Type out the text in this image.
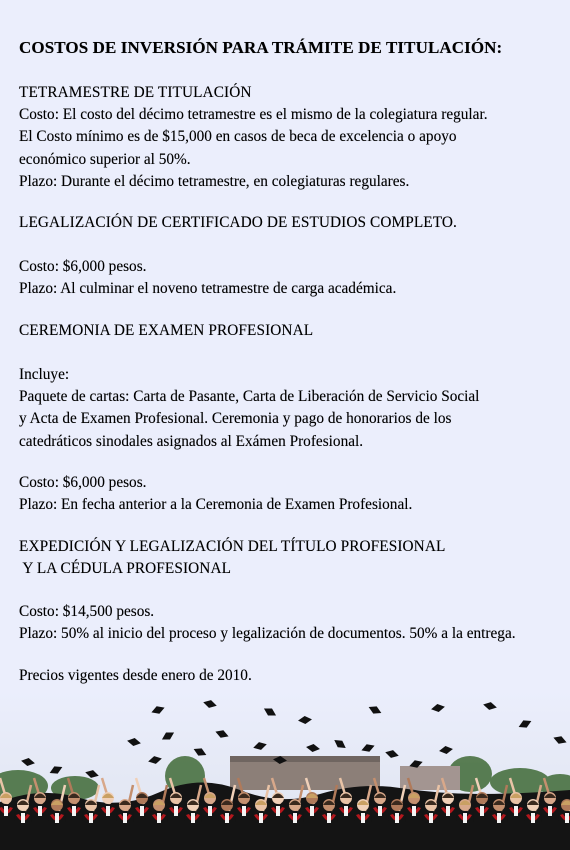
COSTOS DE INVERSIÓN PARA TRÁMITE DE TITULACIÓN:
TETRAMESTRE DE TITULACIÓN
Costo: El costo del décimo tetramestre es el mismo de la colegiatura regular.
El Costo mínimo es de $15,000 en casos de beca de excelencia o apoyo
económico superior al 50%.
Plazo: Durante el décimo tetramestre, en colegiaturas regulares.
LEGALIZACIÓN DE CERTIFICADO DE ESTUDIOS COMPLETO.
Costo: $6,000 pesos.
Plazo: Al culminar el noveno tetramestre de carga académica.
CEREMONIA DE EXAMEN PROFESIONAL
Incluye:
Paquete de cartas: Carta de Pasante, Carta de Liberación de Servicio Social
y Acta de Examen Profesional. Ceremonia y pago de honorarios de los
catedráticos sinodales asignados al Exámen Profesional.
Costo: $6,000 pesos.
Plazo: En fecha anterior a la Ceremonia de Examen Profesional.
EXPEDICIÓN Y LEGALIZACIÓN DEL TÍTULO PROFESIONAL
Y LA CÉDULA PROFESIONAL
Costo: $14,500 pesos.
Plazo: 50% al inicio del proceso y legalización de documentos. 50% a la entrega.
Precios vigentes desde enero de 2010.
